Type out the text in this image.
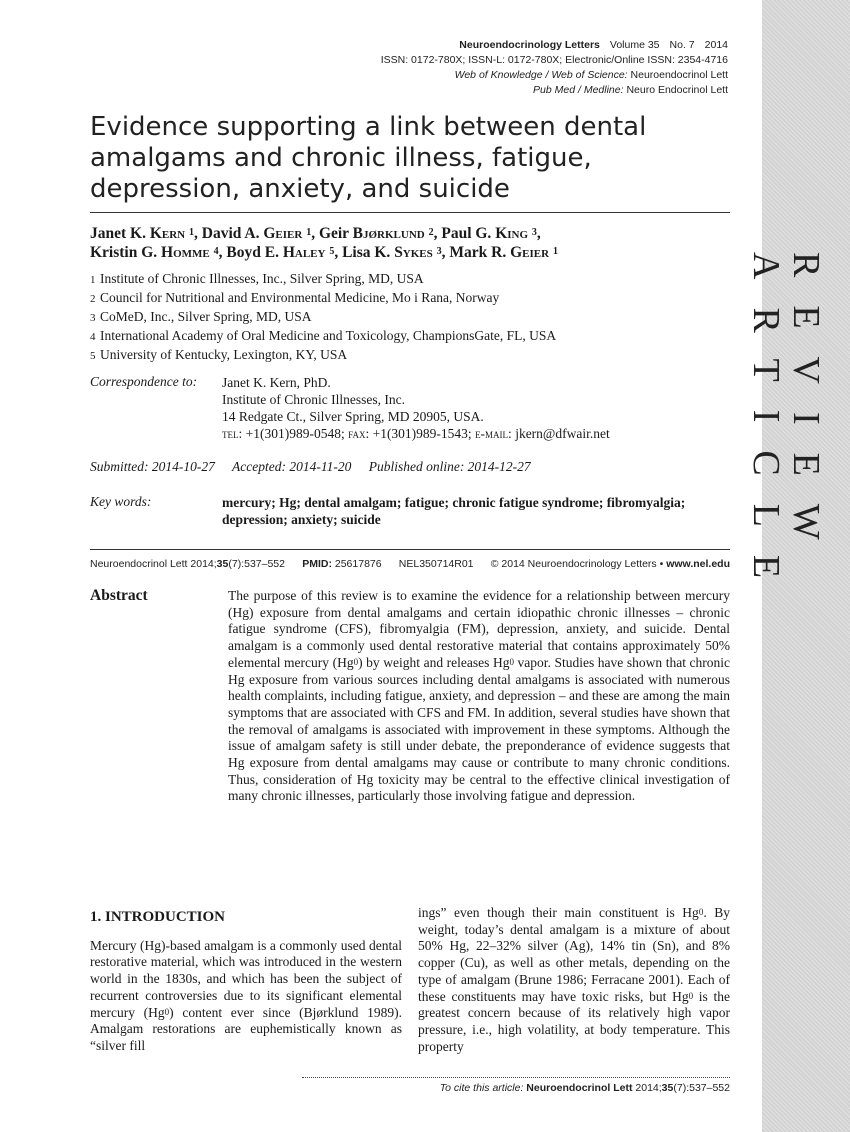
REVIEW ARTICLE
Neuroendocrinology Letters Volume 35 No. 7 2014
ISSN: 0172-780X; ISSN-L: 0172-780X; Electronic/Online ISSN: 2354-4716
Web of Knowledge / Web of Science: Neuroendocrinol Lett
Pub Med / Medline: Neuro Endocrinol Lett
Evidence supporting a link between dental amalgams and chronic illness, fatigue, depression, anxiety, and suicide
Janet K. Kern $^1$, David A. Geier $^1$, Geir Bjørklund $^2$, Paul G. King $^3$,
Kristin G. Homme $^4$, Boyd E. Haley $^5$, Lisa K. Sykes $^3$, Mark R. Geier $^1$
1 Institute of Chronic Illnesses, Inc., Silver Spring, MD, USA
2 Council for Nutritional and Environmental Medicine, Mo i Rana, Norway
3 CoMeD, Inc., Silver Spring, MD, USA
4 International Academy of Oral Medicine and Toxicology, ChampionsGate, FL, USA
5 University of Kentucky, Lexington, KY, USA
Correspondence to: Janet K. Kern, PhD.
Institute of Chronic Illnesses, Inc.
14 Redgate Ct., Silver Spring, MD 20905, USA.
tel: +1(301)989-0548; fax: +1(301)989-1543; e-mail: jkern@dfwair.net
Submitted: 2014-10-27 Accepted: 2014-11-20 Published online: 2014-12-27
Key words:	mercury; Hg; dental amalgam; fatigue; chronic fatigue syndrome; fibromyalgia; depression; anxiety; suicide
Neuroendocrinol Lett 2014;35(7):537–552 PMID: 25617876 NEL350714R01 © 2014 Neuroendocrinology Letters • www.nel.edu
Abstract	The purpose of this review is to examine the evidence for a relationship between mercury (Hg) exposure from dental amalgams and certain idiopathic chronic illnesses – chronic fatigue syndrome (CFS), fibromyalgia (FM), depression, anxiety, and suicide. Dental amalgam is a commonly used dental restorative material that contains approximately 50% elemental mercury (Hg$^0$) by weight and releases Hg$^0$ vapor. Studies have shown that chronic Hg exposure from various sources including dental amalgams is associated with numerous health complaints, including fatigue, anxiety, and depression – and these are among the main symptoms that are associated with CFS and FM. In addition, several studies have shown that the removal of amalgams is associated with improvement in these symptoms. Although the issue of amalgam safety is still under debate, the preponderance of evidence suggests that Hg exposure from dental amalgams may cause or contribute to many chronic conditions. Thus, consideration of Hg toxicity may be central to the effective clinical investigation of many chronic illnesses, particularly those involving fatigue and depression.

1. INTRODUCTION

Mercury (Hg)-based amalgam is a commonly used dental restorative material, which was introduced in the western world in the 1830s, and which has been the subject of recurrent controversies due to its significant elemental mercury (Hg$^0$) content ever since (Bjørklund 1989). Amalgam restorations are euphemistically known as “silver fill

ings” even though their main constituent is Hg$^0$. By weight, today’s dental amalgam is a mixture of about 50% Hg, 22–32% silver (Ag), 14% tin (Sn), and 8% copper (Cu), as well as other metals, depending on the type of amalgam (Brune 1986; Ferracane 2001). Each of these constituents may have toxic risks, but Hg$^0$ is the greatest concern because of its relatively high vapor pressure, i.e., high volatility, at body temperature. This property

To cite this article: Neuroendocrinol Lett 2014;35(7):537–552
